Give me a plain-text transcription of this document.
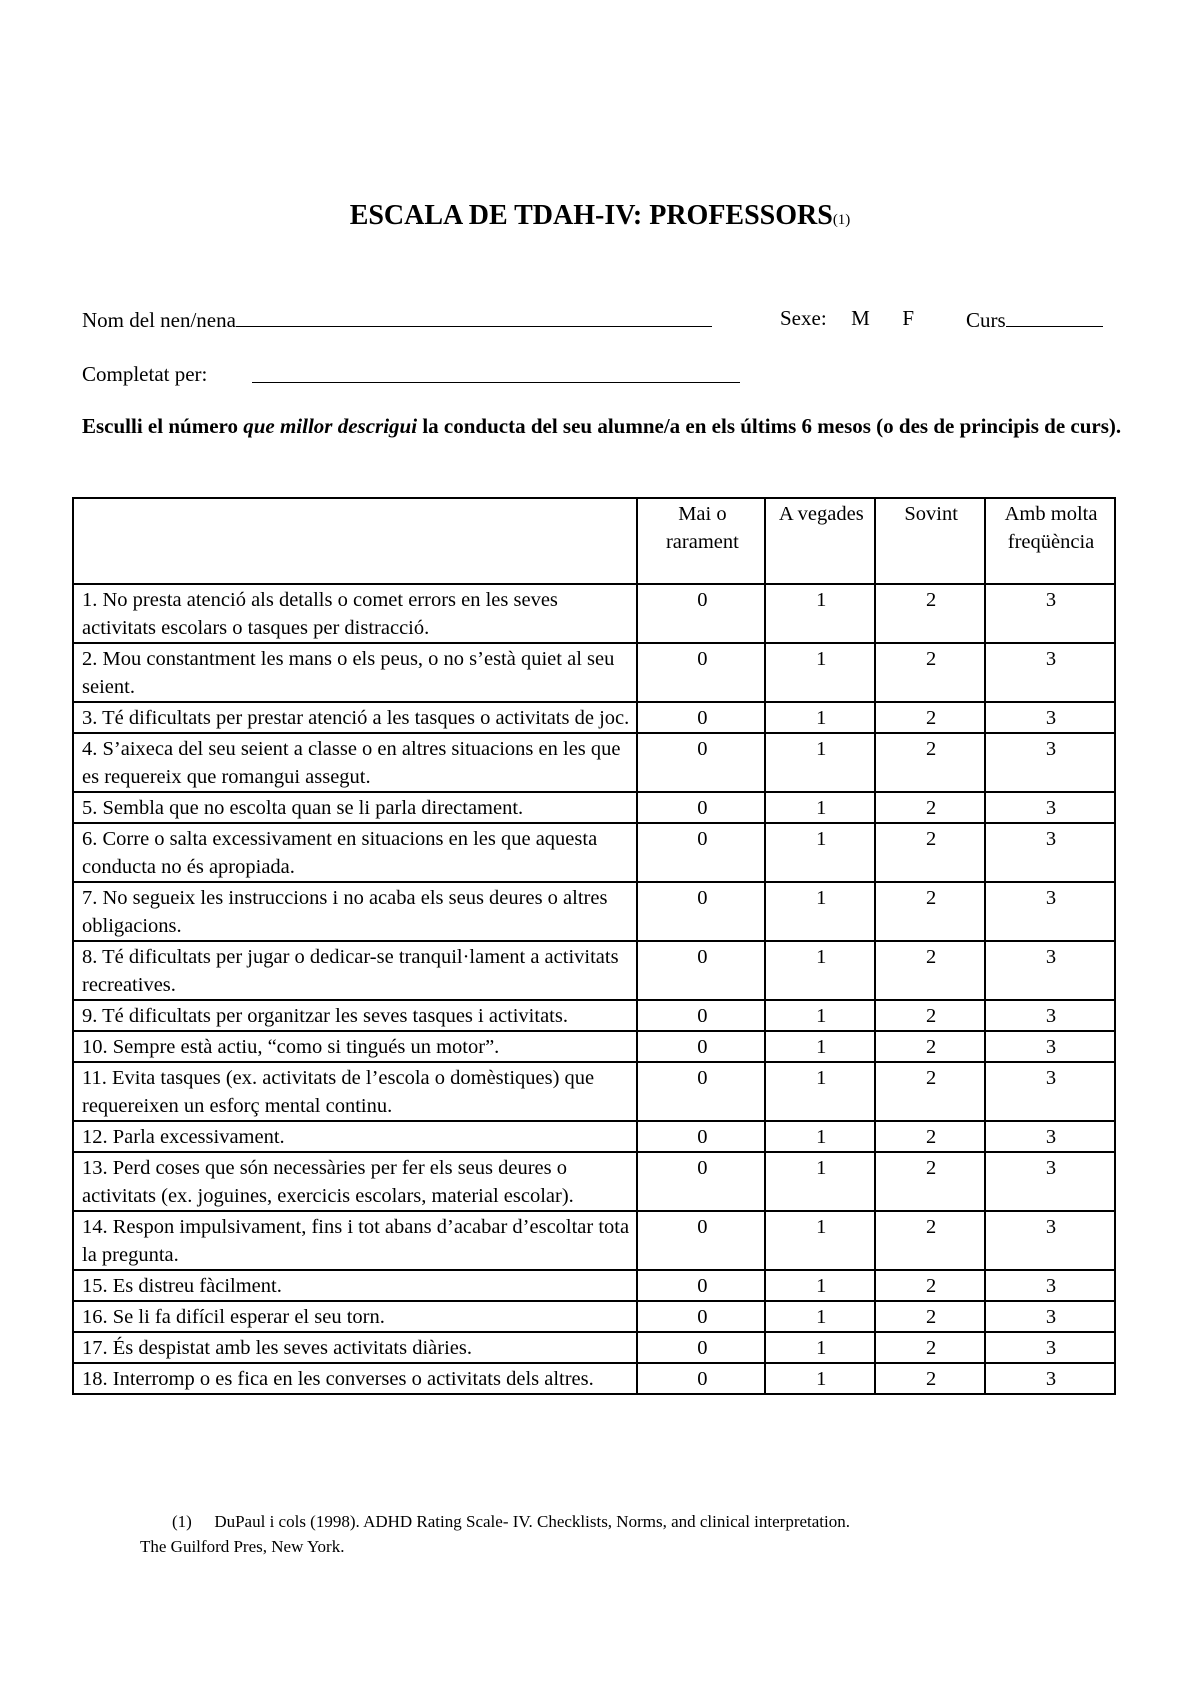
ESCALA DE TDAH-IV: PROFESSORS(1)
Nom del nen/nena	Sexe: M F Curs
Completat per:
Esculli el número que millor descrigui la conducta del seu alumne/a en els últims 6 mesos (o des de principis de curs).
	Mai o rarament	A vegades	Sovint	Amb molta freqüència
1. No presta atenció als detalls o comet errors en les seves activitats escolars o tasques per distracció.	0	1	2	3
2. Mou constantment les mans o els peus, o no s’està quiet al seu seient.	0	1	2	3
3. Té dificultats per prestar atenció a les tasques o activitats de joc.	0	1	2	3
4. S’aixeca del seu seient a classe o en altres situacions en les que es requereix que romangui assegut.	0	1	2	3
5. Sembla que no escolta quan se li parla directament.	0	1	2	3
6. Corre o salta excessivament en situacions en les que aquesta conducta no és apropiada.	0	1	2	3
7. No segueix les instruccions i no acaba els seus deures o altres obligacions.	0	1	2	3
8. Té dificultats per jugar o dedicar-se tranquil·lament a activitats recreatives.	0	1	2	3
9. Té dificultats per organitzar les seves tasques i activitats.	0	1	2	3
10. Sempre està actiu, “como si tingués un motor”.	0	1	2	3
11. Evita tasques (ex. activitats de l’escola o domèstiques) que requereixen un esforç mental continu.	0	1	2	3
12. Parla excessivament.	0	1	2	3
13. Perd coses que són necessàries per fer els seus deures o activitats (ex. joguines, exercicis escolars, material escolar).	0	1	2	3
14. Respon impulsivament, fins i tot abans d’acabar d’escoltar tota la pregunta.	0	1	2	3
15. Es distreu fàcilment.	0	1	2	3
16. Se li fa difícil esperar el seu torn.	0	1	2	3
17. És despistat amb les seves activitats diàries.	0	1	2	3
18. Interromp o es fica en les converses o activitats dels altres.	0	1	2	3
(1) DuPaul i cols (1998). ADHD Rating Scale- IV. Checklists, Norms, and clinical interpretation.
The Guilford Pres, New York.
